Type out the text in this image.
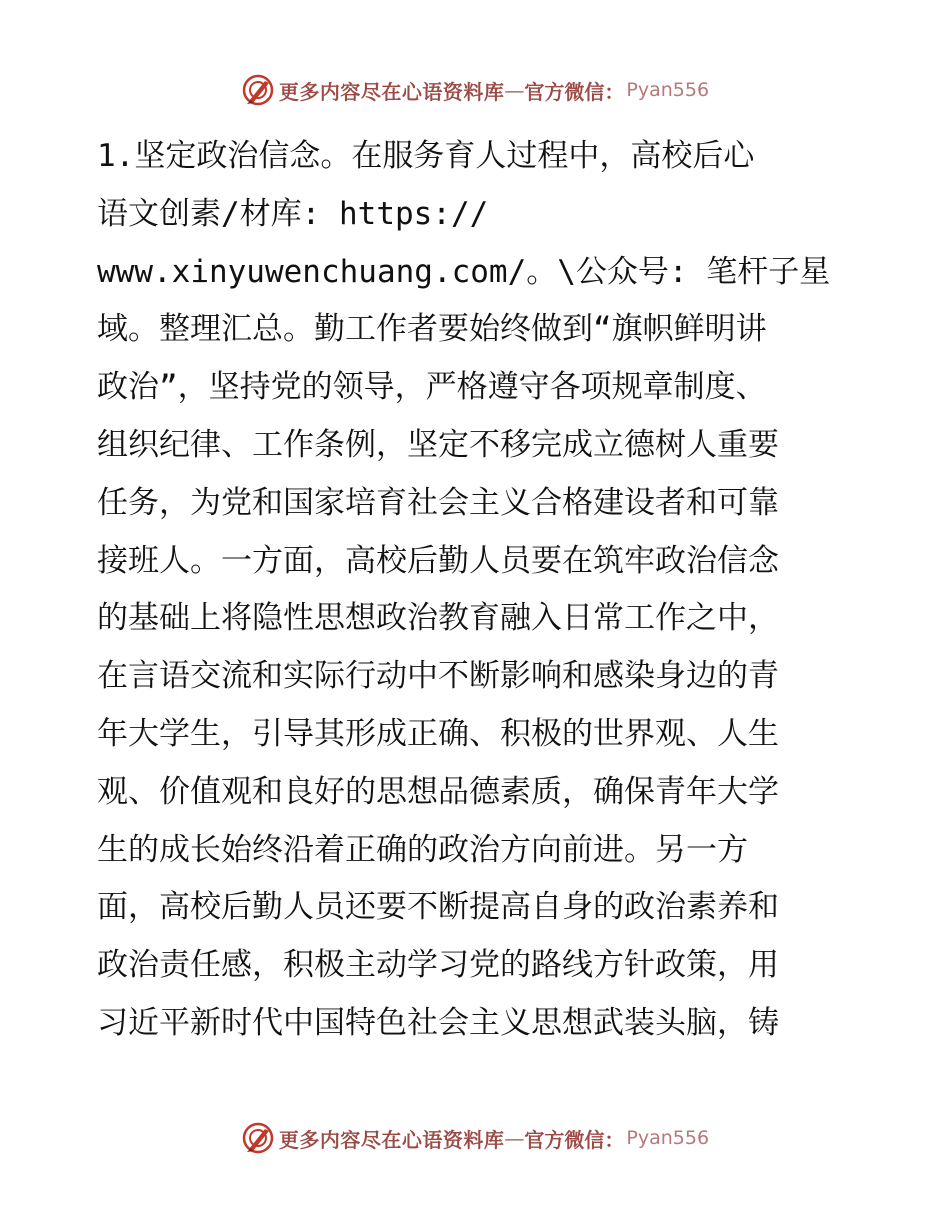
更多内容尽在心语资料库 — 官方微信： Pyan556
1.坚定政治信念。在服务育人过程中，高校后心
语文创素/材库: https://
www.xinyuwenchuang.com/。\公众号: 笔杆子星
域。整理汇总。勤工作者要始终做到“旗帜鲜明讲
政治”，坚持党的领导，严格遵守各项规章制度、
组织纪律、工作条例，坚定不移完成立德树人重要
任务，为党和国家培育社会主义合格建设者和可靠
接班人。一方面，高校后勤人员要在筑牢政治信念
的基础上将隐性思想政治教育融入日常工作之中，
在言语交流和实际行动中不断影响和感染身边的青
年大学生，引导其形成正确、积极的世界观、人生
观、价值观和良好的思想品德素质，确保青年大学
生的成长始终沿着正确的政治方向前进。另一方
面，高校后勤人员还要不断提高自身的政治素养和
政治责任感，积极主动学习党的路线方针政策，用
习近平新时代中国特色社会主义思想武装头脑，铸
更多内容尽在心语资料库 — 官方微信： Pyan556
